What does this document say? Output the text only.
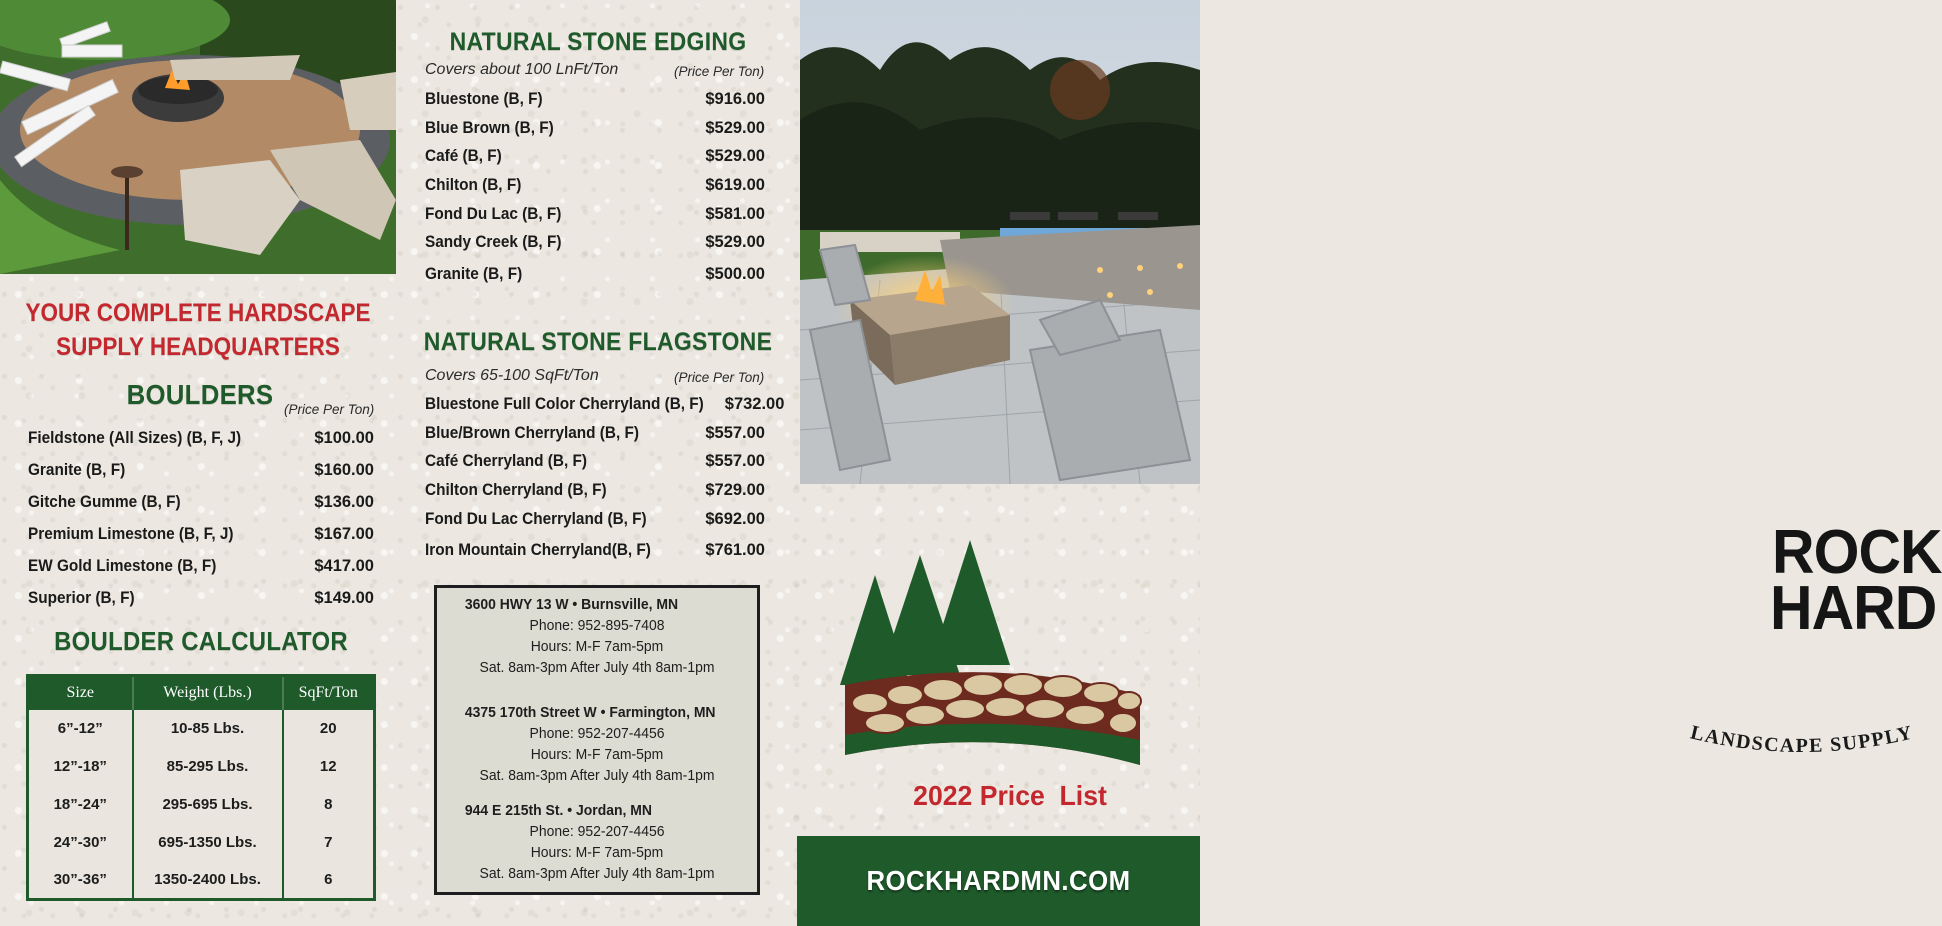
YOUR COMPLETE HARDSCAPE
SUPPLY HEADQUARTERS
BOULDERS (Price Per Ton)
Fieldstone (All Sizes) (B, F, J)	$100.00
Granite (B, F)	$160.00
Gitche Gumme (B, F)	$136.00
Premium Limestone (B, F, J)	$167.00
EW Gold Limestone (B, F)	$417.00
Superior (B, F)	$149.00
BOULDER CALCULATOR
Size	Weight (Lbs.)	SqFt/Ton
6”-12”	10-85 Lbs.	20
12”-18”	85-295 Lbs.	12
18”-24”	295-695 Lbs.	8
24”-30”	695-1350 Lbs.	7
30”-36”	1350-2400 Lbs.	6
NATURAL STONE EDGING
Covers about 100 LnFt/Ton	(Price Per Ton)
Bluestone (B, F)	$916.00
Blue Brown (B, F)	$529.00
Café (B, F)	$529.00
Chilton (B, F)	$619.00
Fond Du Lac (B, F)	$581.00
Sandy Creek (B, F)	$529.00
Granite (B, F)	$500.00
NATURAL STONE FLAGSTONE
Covers 65-100 SqFt/Ton	(Price Per Ton)
Bluestone Full Color Cherryland (B, F) $732.00
Blue/Brown Cherryland (B, F)	$557.00
Café Cherryland (B, F)	$557.00
Chilton Cherryland (B, F)	$729.00
Fond Du Lac Cherryland (B, F)	$692.00
Iron Mountain Cherryland(B, F)	$761.00
3600 HWY 13 W • Burnsville, MN
Phone: 952-895-7408
Hours: M-F 7am-5pm
Sat. 8am-3pm After July 4th 8am-1pm
4375 170th Street W • Farmington, MN
Phone: 952-207-4456
Hours: M-F 7am-5pm
Sat. 8am-3pm After July 4th 8am-1pm
944 E 215th St. • Jordan, MN
Phone: 952-207-4456
Hours: M-F 7am-5pm
Sat. 8am-3pm After July 4th 8am-1pm
ROCK
HARD
LANDSCAPE SUPPLY
2022 Price  List
ROCKHARDMN.COM
